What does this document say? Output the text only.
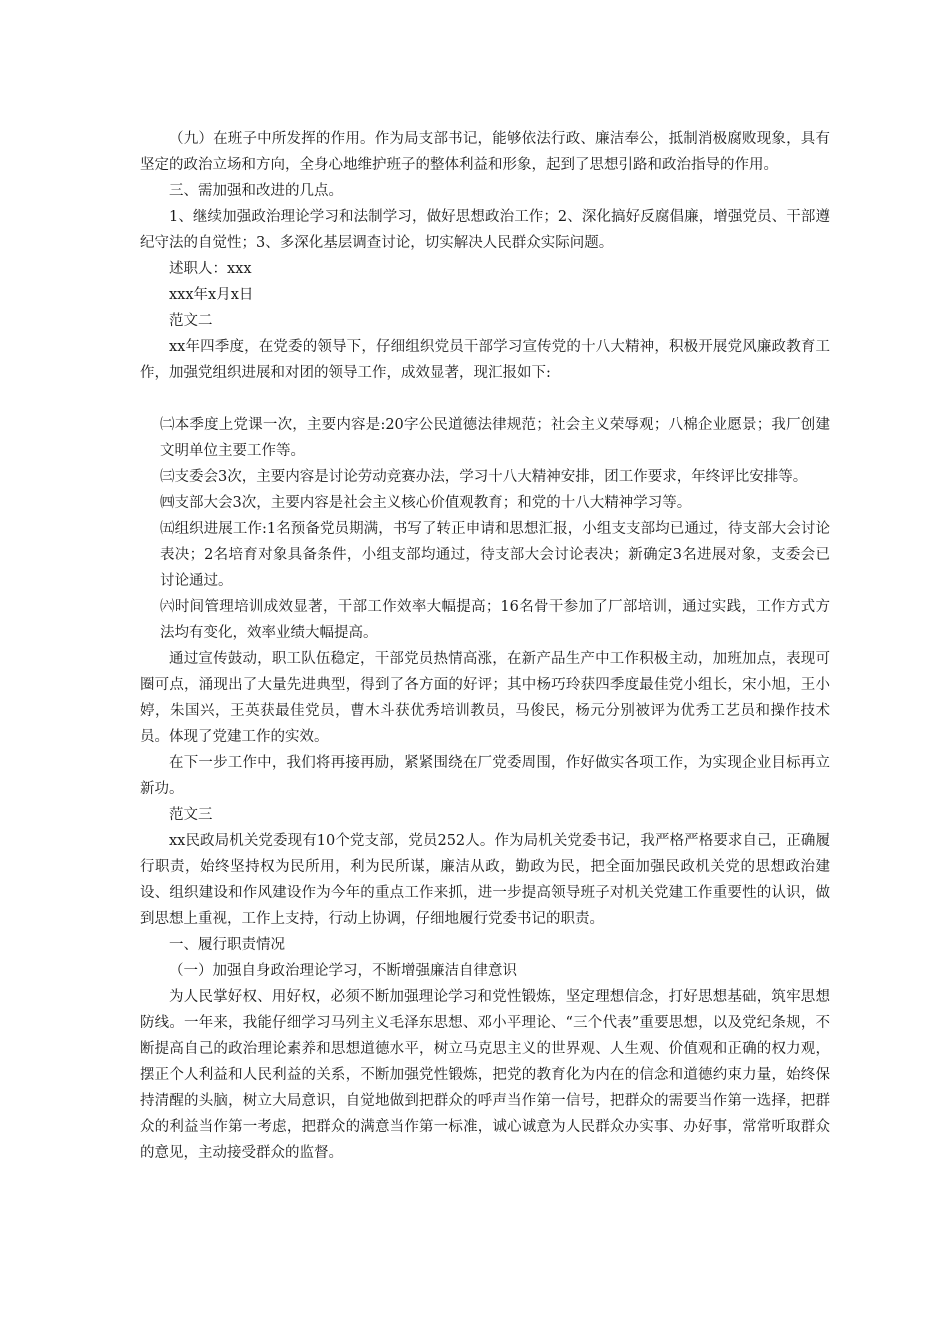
（九）在班子中所发挥的作用。作为局支部书记，能够依法行政、廉洁奉公，抵制消极腐败现象，具有坚定的政治立场和方向，全身心地维护班子的整体利益和形象，起到了思想引路和政治指导的作用。

三、需加强和改进的几点。

1、继续加强政治理论学习和法制学习，做好思想政治工作；2、深化搞好反腐倡廉，增强党员、干部遵纪守法的自觉性；3、多深化基层调查讨论，切实解决人民群众实际问题。

述职人：xxx

xxx年x月x日

范文二

xx年四季度，在党委的领导下，仔细组织党员干部学习宣传党的十八大精神，积极开展党风廉政教育工作，加强党组织进展和对团的领导工作，成效显著，现汇报如下:

㈡本季度上党课一次，主要内容是:20字公民道德法律规范；社会主义荣辱观；八棉企业愿景；我厂创建文明单位主要工作等。

㈢支委会3次，主要内容是讨论劳动竞赛办法，学习十八大精神安排，团工作要求，年终评比安排等。

㈣支部大会3次，主要内容是社会主义核心价值观教育；和党的十八大精神学习等。

㈤组织进展工作:1名预备党员期满，书写了转正申请和思想汇报，小组支支部均已通过，待支部大会讨论表决；2名培育对象具备条件，小组支部均通过，待支部大会讨论表决；新确定3名进展对象，支委会已讨论通过。

㈥时间管理培训成效显著，干部工作效率大幅提高；16名骨干参加了厂部培训，通过实践，工作方式方法均有变化，效率业绩大幅提高。

通过宣传鼓动，职工队伍稳定，干部党员热情高涨，在新产品生产中工作积极主动，加班加点，表现可圈可点，涌现出了大量先进典型，得到了各方面的好评；其中杨巧玲获四季度最佳党小组长，宋小旭，王小婷，朱国兴，王英获最佳党员，曹木斗获优秀培训教员，马俊民，杨元分别被评为优秀工艺员和操作技术员。体现了党建工作的实效。

在下一步工作中，我们将再接再励，紧紧围绕在厂党委周围，作好做实各项工作，为实现企业目标再立新功。

范文三

xx民政局机关党委现有10个党支部，党员252人。作为局机关党委书记，我严格严格要求自己，正确履行职责，始终坚持权为民所用，利为民所谋，廉洁从政，勤政为民，把全面加强民政机关党的思想政治建设、组织建设和作风建设作为今年的重点工作来抓，进一步提高领导班子对机关党建工作重要性的认识，做到思想上重视，工作上支持，行动上协调，仔细地履行党委书记的职责。

一、履行职责情况

（一）加强自身政治理论学习，不断增强廉洁自律意识

为人民掌好权、用好权，必须不断加强理论学习和党性锻炼，坚定理想信念，打好思想基础，筑牢思想防线。一年来，我能仔细学习马列主义毛泽东思想、邓小平理论、“三个代表”重要思想，以及党纪条规，不断提高自己的政治理论素养和思想道德水平，树立马克思主义的世界观、人生观、价值观和正确的权力观，摆正个人利益和人民利益的关系，不断加强党性锻炼，把党的教育化为内在的信念和道德约束力量，始终保持清醒的头脑，树立大局意识，自觉地做到把群众的呼声当作第一信号，把群众的需要当作第一选择，把群众的利益当作第一考虑，把群众的满意当作第一标准，诚心诚意为人民群众办实事、办好事，常常听取群众的意见，主动接受群众的监督。
